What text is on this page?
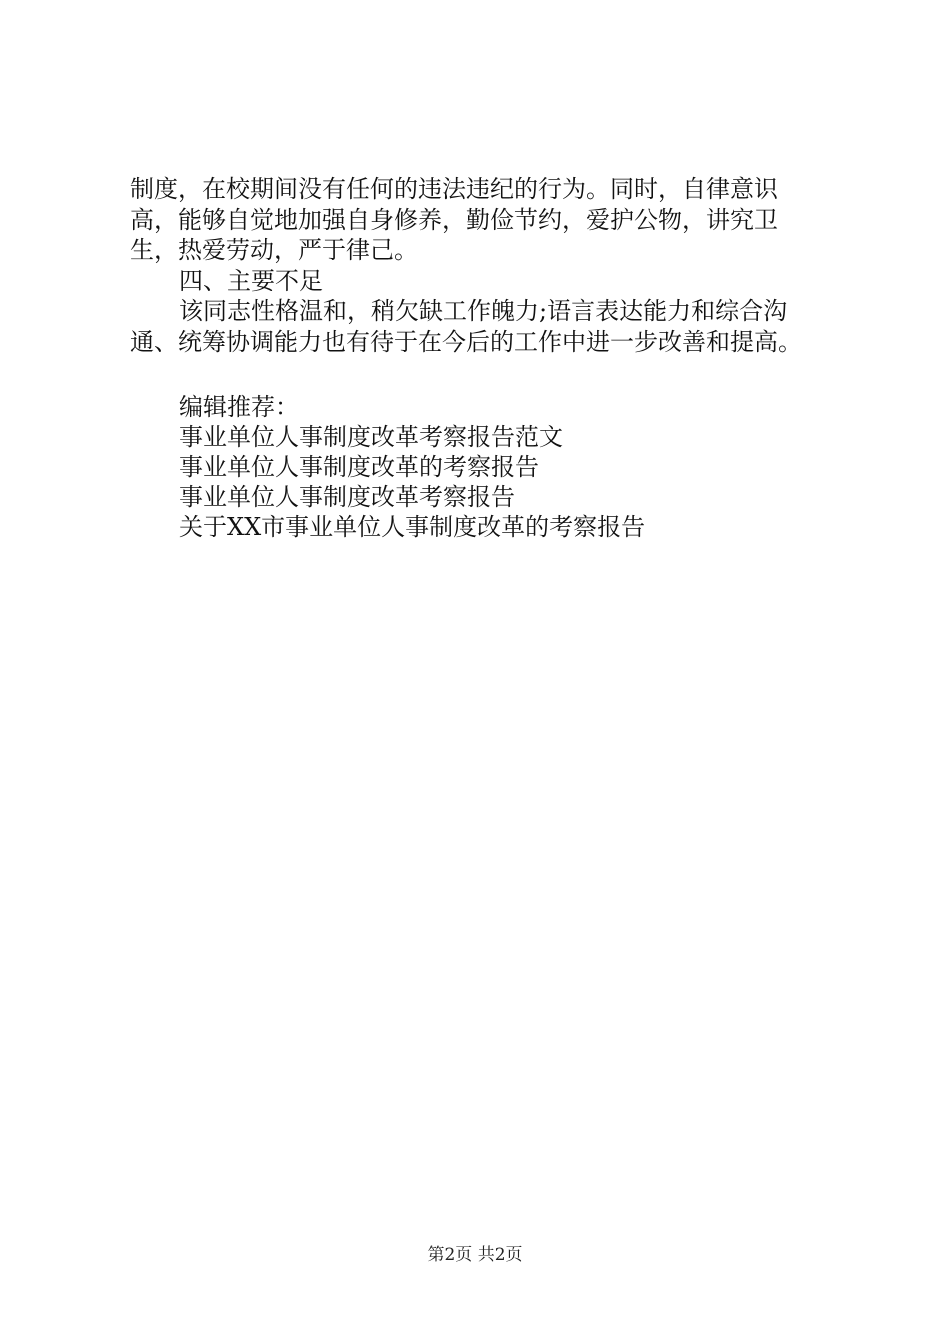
制度，在校期间没有任何的违法违纪的行为。同时，自律意识
高，能够自觉地加强自身修养，勤俭节约，爱护公物，讲究卫
生，热爱劳动，严于律己。
四、主要不足
该同志性格温和，稍欠缺工作魄力;语言表达能力和综合沟
通、统筹协调能力也有待于在今后的工作中进一步改善和提高。
编辑推荐：
事业单位人事制度改革考察报告范文
事业单位人事制度改革的考察报告
事业单位人事制度改革考察报告
关于XX市事业单位人事制度改革的考察报告
第2页 共2页
